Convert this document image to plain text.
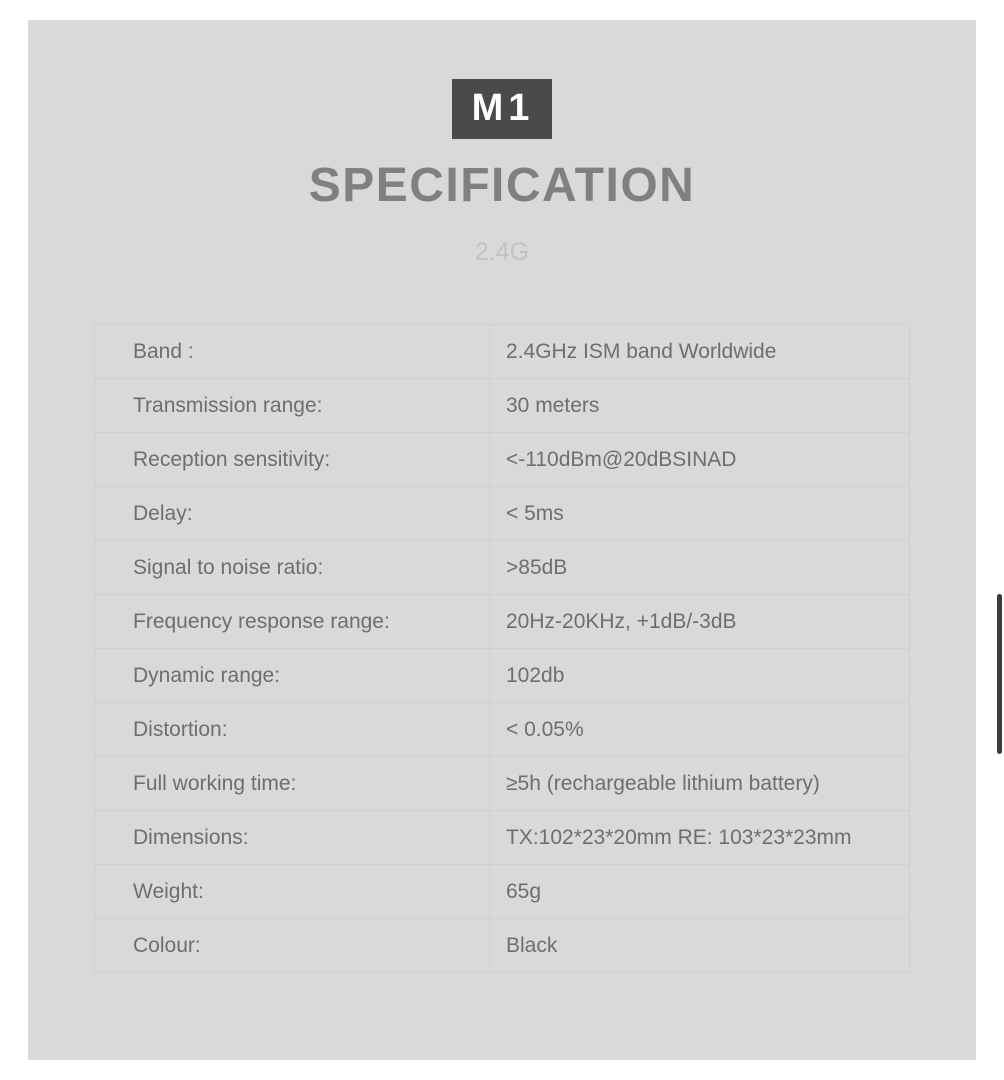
M1
SPECIFICATION
2.4G
Band :	2.4GHz ISM band Worldwide
Transmission range:	30 meters
Reception sensitivity:	<-110dBm@20dBSINAD
Delay:	< 5ms
Signal to noise ratio:	>85dB
Frequency response range:	20Hz-20KHz, +1dB/-3dB
Dynamic range:	102db
Distortion:	< 0.05%
Full working time:	≥5h (rechargeable lithium battery)
Dimensions:	TX:102*23*20mm RE: 103*23*23mm
Weight:	65g
Colour:	Black
